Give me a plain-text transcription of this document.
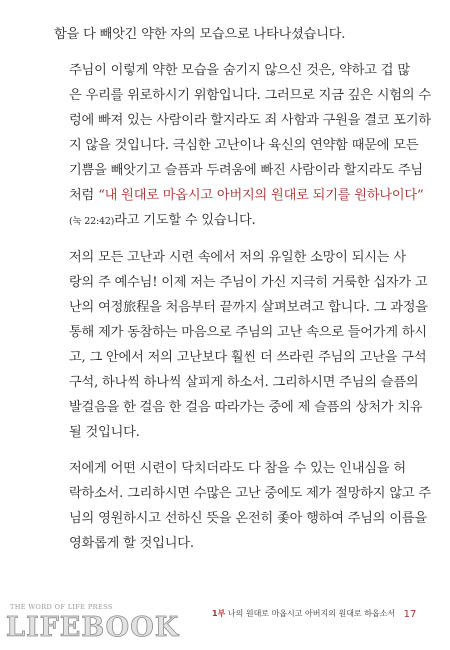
함을 다 빼앗긴 약한 자의 모습으로 나타나셨습니다.

주님이 이렇게 약한 모습을 숨기지 않으신 것은, 약하고 겁 많
은 우리를 위로하시기 위함입니다. 그러므로 지금 깊은 시험의 수
렁에 빠져 있는 사람이라 할지라도 죄 사함과 구원을 결코 포기하
지 않을 것입니다. 극심한 고난이나 육신의 연약함 때문에 모든
기쁨을 빼앗기고 슬픔과 두려움에 빠진 사람이라 할지라도 주님
처럼 “내 원대로 마옵시고 아버지의 원대로 되기를 원하나이다”
(눅 22:42)라고 기도할 수 있습니다.

저의 모든 고난과 시련 속에서 저의 유일한 소망이 되시는 사
랑의 주 예수님! 이제 저는 주님이 가신 지극히 거룩한 십자가 고
난의 여정旅程을 처음부터 끝까지 살펴보려고 합니다. 그 과정을
통해 제가 동참하는 마음으로 주님의 고난 속으로 들어가게 하시
고, 그 안에서 저의 고난보다 훨씬 더 쓰라린 주님의 고난을 구석
구석, 하나씩 하나씩 살피게 하소서. 그리하시면 주님의 슬픔의
발걸음을 한 걸음 한 걸음 따라가는 중에 제 슬픔의 상처가 치유
될 것입니다.

저에게 어떤 시련이 닥치더라도 다 참을 수 있는 인내심을 허
락하소서. 그리하시면 수많은 고난 중에도 제가 절망하지 않고 주
님의 영원하시고 선하신 뜻을 온전히 좇아 행하여 주님의 이름을
영화롭게 할 것입니다.

THE WORD OF LIFE PRESS
LIFEBOOK	1부 나의 원대로 마옵시고 아버지의 원대로 하옵소서 17
